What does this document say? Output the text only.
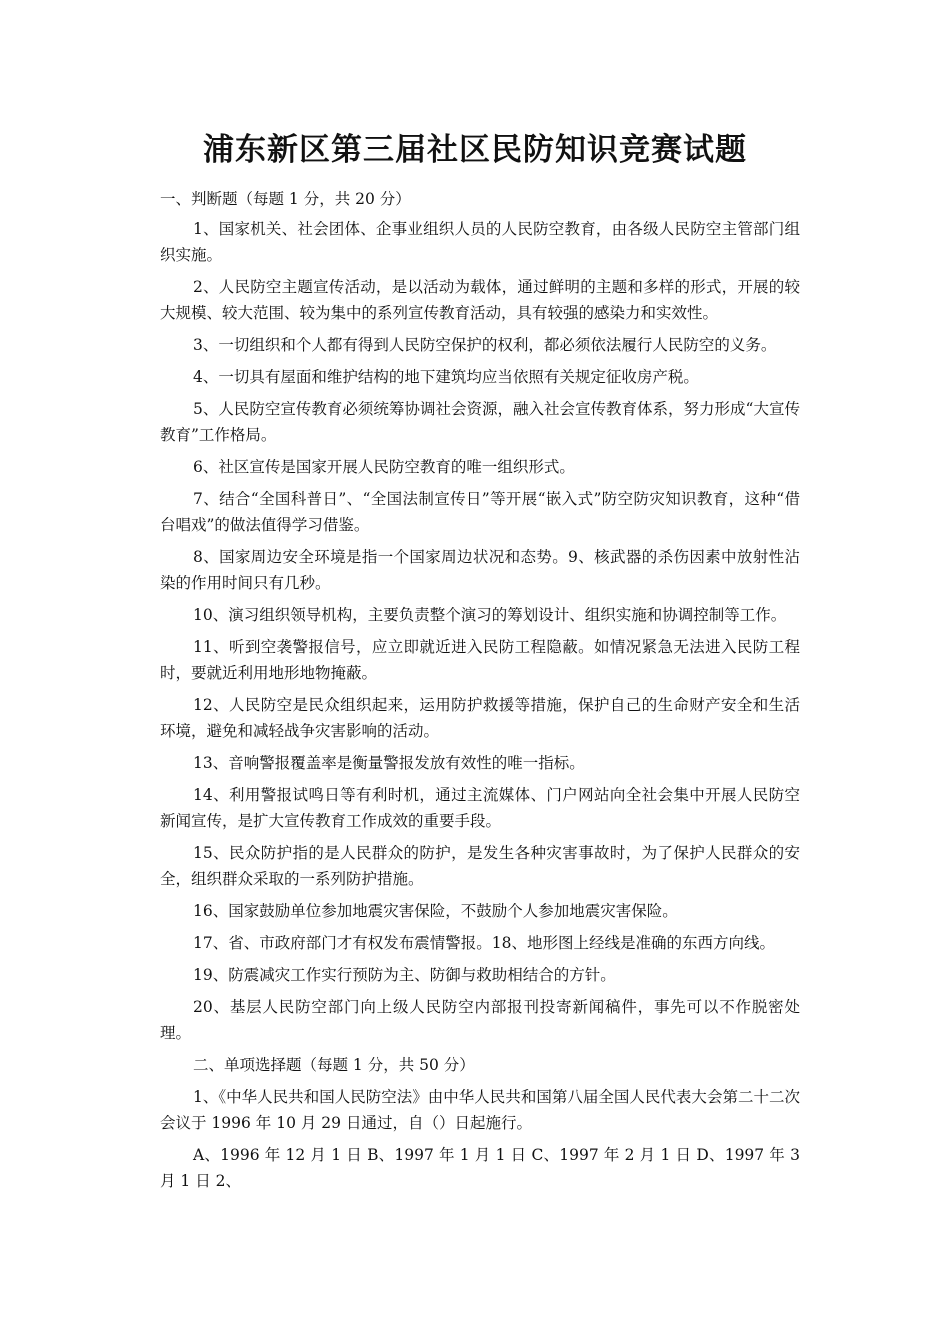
浦东新区第三届社区民防知识竞赛试题

一、判断题（每题 1 分，共 20 分）

1、国家机关、社会团体、企事业组织人员的人民防空教育，由各级人民防空主管部门组织实施。

2、人民防空主题宣传活动，是以活动为载体，通过鲜明的主题和多样的形式，开展的较大规模、较大范围、较为集中的系列宣传教育活动，具有较强的感染力和实效性。

3、一切组织和个人都有得到人民防空保护的权利，都必须依法履行人民防空的义务。

4、一切具有屋面和维护结构的地下建筑均应当依照有关规定征收房产税。

5、人民防空宣传教育必须统筹协调社会资源，融入社会宣传教育体系，努力形成“大宣传教育”工作格局。

6、社区宣传是国家开展人民防空教育的唯一组织形式。

7、结合“全国科普日”、“全国法制宣传日”等开展“嵌入式”防空防灾知识教育，这种“借台唱戏”的做法值得学习借鉴。

8、国家周边安全环境是指一个国家周边状况和态势。9、核武器的杀伤因素中放射性沾染的作用时间只有几秒。

10、演习组织领导机构，主要负责整个演习的筹划设计、组织实施和协调控制等工作。

11、听到空袭警报信号，应立即就近进入民防工程隐蔽。如情况紧急无法进入民防工程时，要就近利用地形地物掩蔽。

12、人民防空是民众组织起来，运用防护救援等措施，保护自己的生命财产安全和生活环境，避免和减轻战争灾害影响的活动。

13、音响警报覆盖率是衡量警报发放有效性的唯一指标。

14、利用警报试鸣日等有利时机，通过主流媒体、门户网站向全社会集中开展人民防空新闻宣传，是扩大宣传教育工作成效的重要手段。

15、民众防护指的是人民群众的防护，是发生各种灾害事故时，为了保护人民群众的安全，组织群众采取的一系列防护措施。

16、国家鼓励单位参加地震灾害保险，不鼓励个人参加地震灾害保险。

17、省、市政府部门才有权发布震情警报。18、地形图上经线是准确的东西方向线。

19、防震减灾工作实行预防为主、防御与救助相结合的方针。

20、基层人民防空部门向上级人民防空内部报刊投寄新闻稿件，事先可以不作脱密处理。

二、单项选择题（每题 1 分，共 50 分）

1、《中华人民共和国人民防空法》由中华人民共和国第八届全国人民代表大会第二十二次会议于 1996 年 10 月 29 日通过，自（）日起施行。

A、1996 年 12 月 1 日 B、1997 年 1 月 1 日 C、1997 年 2 月 1 日 D、1997 年 3 月 1 日 2、
